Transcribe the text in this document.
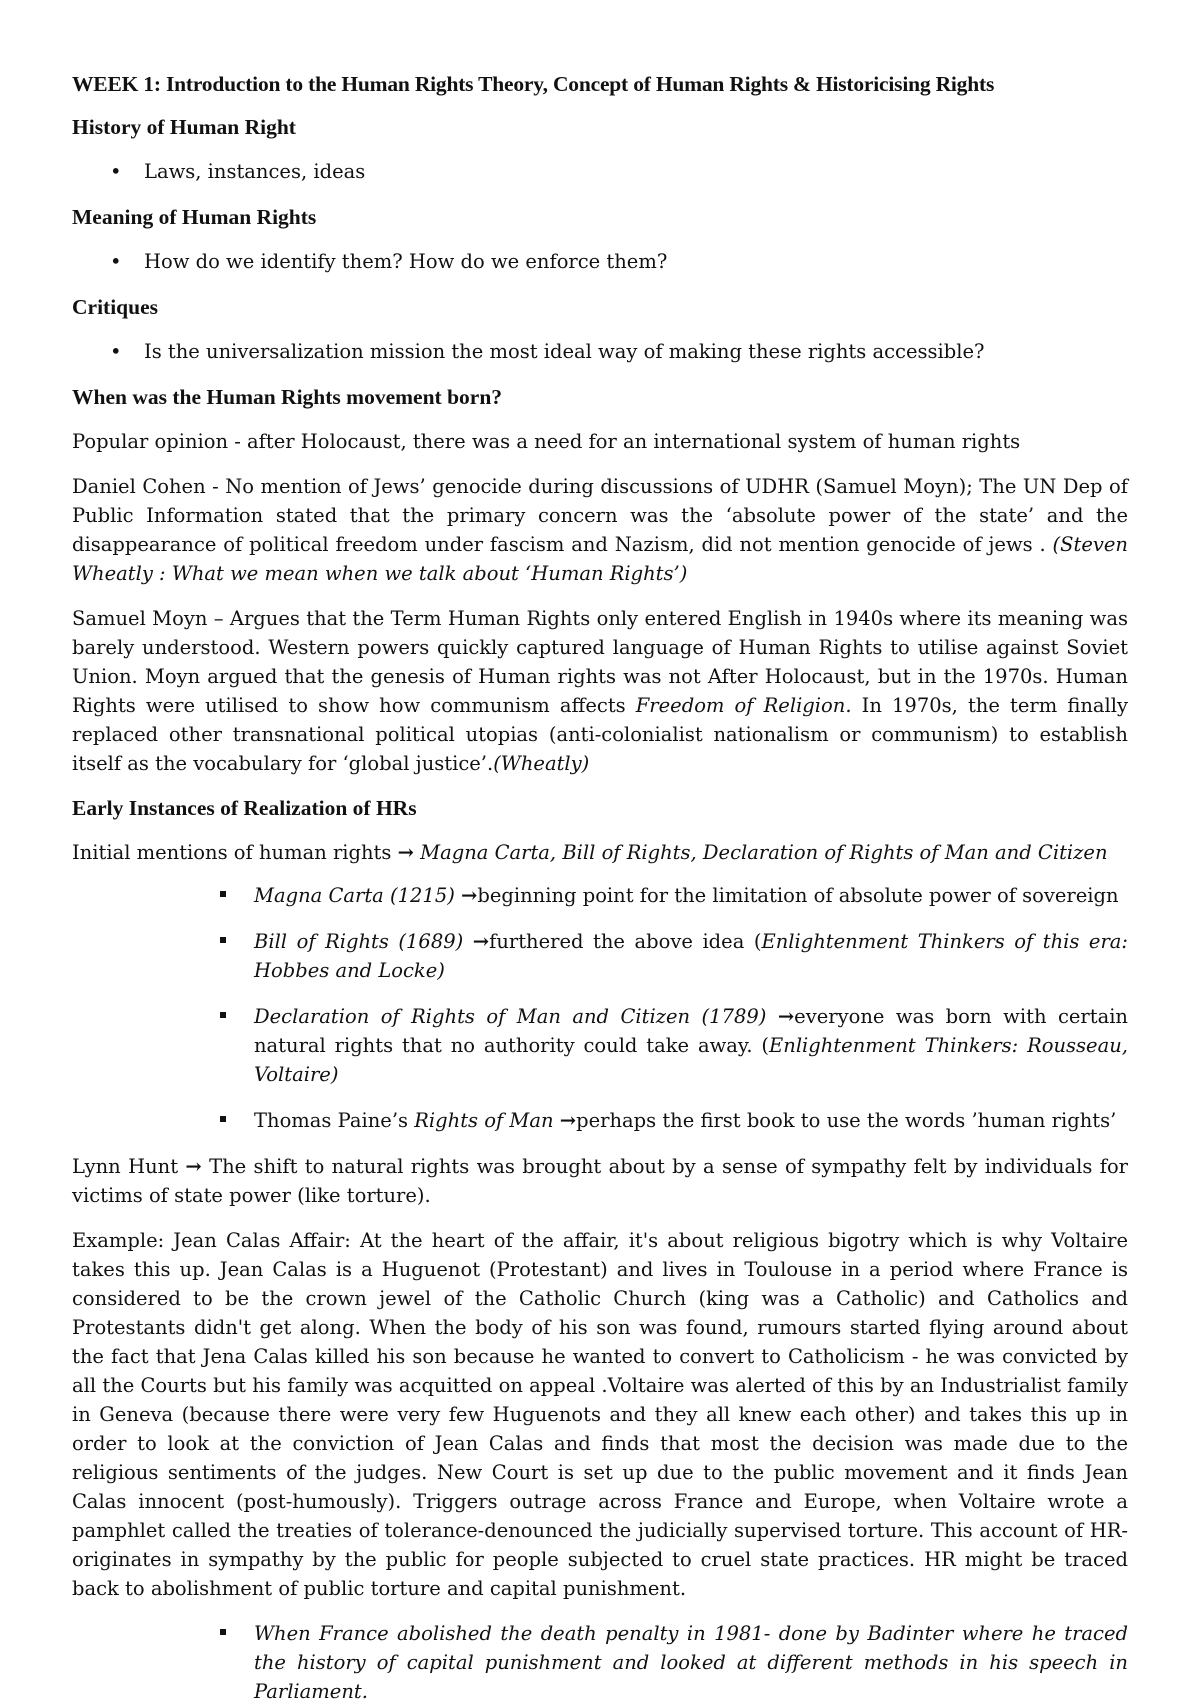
WEEK 1: Introduction to the Human Rights Theory, Concept of Human Rights & Historicising Rights
History of Human Right
• Laws, instances, ideas
Meaning of Human Rights
• How do we identify them? How do we enforce them?
Critiques
• Is the universalization mission the most ideal way of making these rights accessible?
When was the Human Rights movement born?

Popular opinion - after Holocaust, there was a need for an international system of human rights

Daniel Cohen - No mention of Jews’ genocide during discussions of UDHR (Samuel Moyn); The UN Dep of Public Information stated that the primary concern was the ‘absolute power of the state’ and the disappearance of political freedom under fascism and Nazism, did not mention genocide of jews . (Steven Wheatly : What we mean when we talk about ‘Human Rights’)

Samuel Moyn – Argues that the Term Human Rights only entered English in 1940s where its meaning was barely understood. Western powers quickly captured language of Human Rights to utilise against Soviet Union. Moyn argued that the genesis of Human rights was not After Holocaust, but in the 1970s. Human Rights were utilised to show how communism affects Freedom of Religion. In 1970s, the term finally replaced other transnational political utopias (anti-colonialist nationalism or communism) to establish itself as the vocabulary for ‘global justice’.(Wheatly)

Early Instances of Realization of HRs

Initial mentions of human rights → Magna Carta, Bill of Rights, Declaration of Rights of Man and Citizen

Magna Carta (1215) →beginning point for the limitation of absolute power of sovereign
Bill of Rights (1689) →furthered the above idea (Enlightenment Thinkers of this era: Hobbes and Locke)
Declaration of Rights of Man and Citizen (1789) →everyone was born with certain natural rights that no authority could take away. (Enlightenment Thinkers: Rousseau, Voltaire)
Thomas Paine’s Rights of Man →perhaps the first book to use the words ’human rights’

Lynn Hunt → The shift to natural rights was brought about by a sense of sympathy felt by individuals for victims of state power (like torture).

Example: Jean Calas Affair: At the heart of the affair, it's about religious bigotry which is why Voltaire takes this up. Jean Calas is a Huguenot (Protestant) and lives in Toulouse in a period where France is considered to be the crown jewel of the Catholic Church (king was a Catholic) and Catholics and Protestants didn't get along. When the body of his son was found, rumours started flying around about the fact that Jena Calas killed his son because he wanted to convert to Catholicism - he was convicted by all the Courts but his family was acquitted on appeal .Voltaire was alerted of this by an Industrialist family in Geneva (because there were very few Huguenots and they all knew each other) and takes this up in order to look at the conviction of Jean Calas and finds that most the decision was made due to the religious sentiments of the judges. New Court is set up due to the public movement and it finds Jean Calas innocent (post-humously). Triggers outrage across France and Europe, when Voltaire wrote a pamphlet called the treaties of tolerance-denounced the judicially supervised torture. This account of HR-originates in sympathy by the public for people subjected to cruel state practices. HR might be traced back to abolishment of public torture and capital punishment.

When France abolished the death penalty in 1981- done by Badinter where he traced the history of capital punishment and looked at different methods in his speech in Parliament.
